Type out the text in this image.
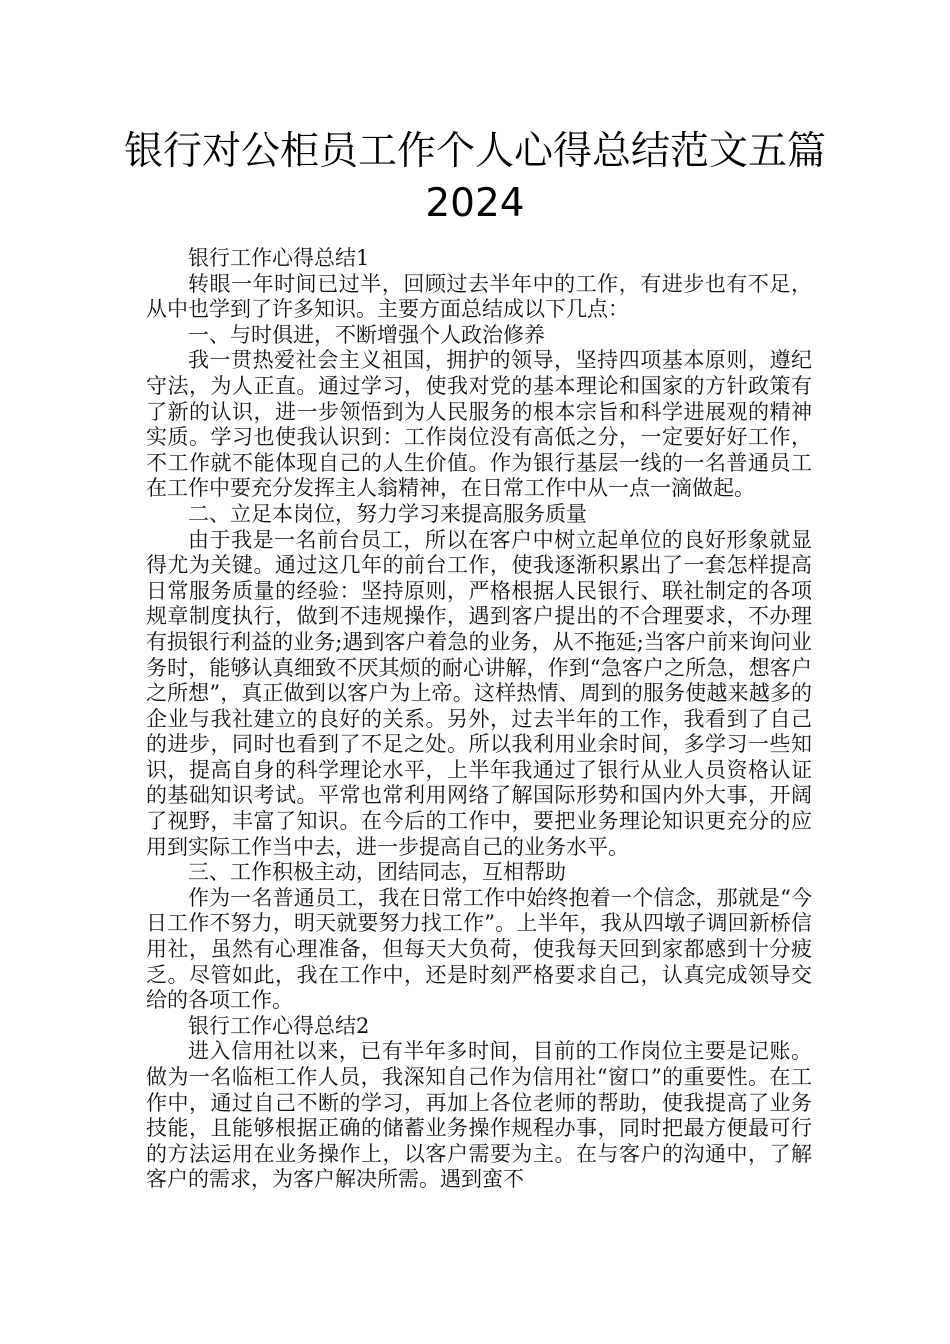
银行对公柜员工作个人心得总结范文五篇2024

银行工作心得总结1

转眼一年时间已过半，回顾过去半年中的工作，有进步也有不足，从中也学到了许多知识。主要方面总结成以下几点：

一、与时俱进，不断增强个人政治修养

我一贯热爱社会主义祖国，拥护的领导，坚持四项基本原则，遵纪守法，为人正直。通过学习，使我对党的基本理论和国家的方针政策有了新的认识，进一步领悟到为人民服务的根本宗旨和科学进展观的精神实质。学习也使我认识到：工作岗位没有高低之分，一定要好好工作，不工作就不能体现自己的人生价值。作为银行基层一线的一名普通员工在工作中要充分发挥主人翁精神，在日常工作中从一点一滴做起。

二、立足本岗位，努力学习来提高服务质量

由于我是一名前台员工，所以在客户中树立起单位的良好形象就显得尤为关键。通过这几年的前台工作，使我逐渐积累出了一套怎样提高日常服务质量的经验：坚持原则，严格根据人民银行、联社制定的各项规章制度执行，做到不违规操作，遇到客户提出的不合理要求，不办理有损银行利益的业务;遇到客户着急的业务，从不拖延;当客户前来询问业务时，能够认真细致不厌其烦的耐心讲解，作到“急客户之所急，想客户之所想”，真正做到以客户为上帝。这样热情、周到的服务使越来越多的企业与我社建立的良好的关系。另外，过去半年的工作，我看到了自己的进步，同时也看到了不足之处。所以我利用业余时间，多学习一些知识，提高自身的科学理论水平，上半年我通过了银行从业人员资格认证的基础知识考试。平常也常利用网络了解国际形势和国内外大事，开阔了视野，丰富了知识。在今后的工作中，要把业务理论知识更充分的应用到实际工作当中去，进一步提高自己的业务水平。

三、工作积极主动，团结同志，互相帮助

作为一名普通员工，我在日常工作中始终抱着一个信念，那就是“今日工作不努力，明天就要努力找工作”。上半年，我从四墩子调回新桥信用社，虽然有心理准备，但每天大负荷，使我每天回到家都感到十分疲乏。尽管如此，我在工作中，还是时刻严格要求自己，认真完成领导交给的各项工作。

银行工作心得总结2

进入信用社以来，已有半年多时间，目前的工作岗位主要是记账。做为一名临柜工作人员，我深知自己作为信用社“窗口”的重要性。在工作中，通过自己不断的学习，再加上各位老师的帮助，使我提高了业务技能，且能够根据正确的储蓄业务操作规程办事，同时把最方便最可行的方法运用在业务操作上，以客户需要为主。在与客户的沟通中，了解客户的需求，为客户解决所需。遇到蛮不
